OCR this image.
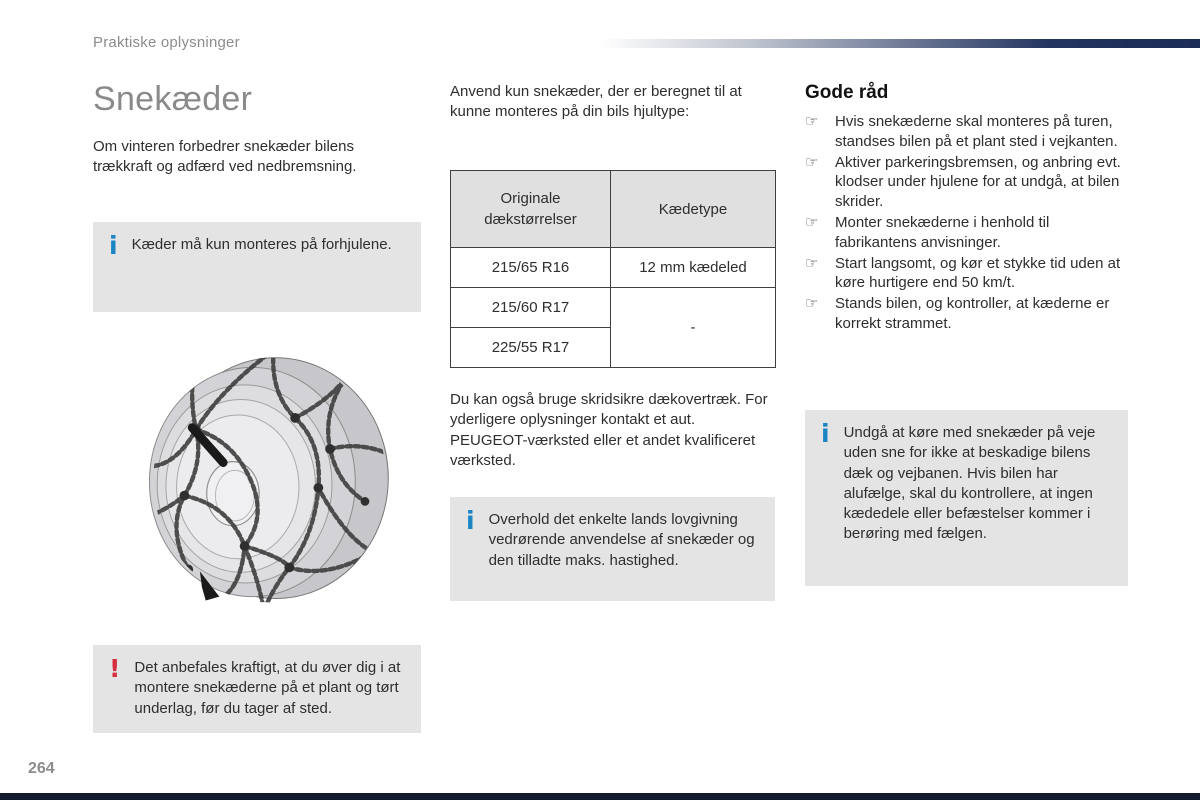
Praktiske oplysninger
Snekæder

Om vinteren forbedrer snekæder bilens trækkraft og adfærd ved nedbremsning.

i Kæder må kun monteres på forhjulene.
! Det anbefales kraftigt, at du øver dig i at montere snekæderne på et plant og tørt underlag, før du tager af sted.

Anvend kun snekæder, der er beregnet til at kunne monteres på din bils hjultype:

Originale dækstørrelser	Kædetype
215/65 R16	12 mm kædeled
215/60 R17	-
225/55 R17	

Du kan også bruge skridsikre dækovertræk. For yderligere oplysninger kontakt et aut. PEUGEOT-værksted eller et andet kvalificeret værksted.

i Overhold det enkelte lands lovgivning vedrørende anvendelse af snekæder og den tilladte maks. hastighed.
Gode råd
☞ Hvis snekæderne skal monteres på turen, standses bilen på et plant sted i vejkanten.
☞ Aktiver parkeringsbremsen, og anbring evt. klodser under hjulene for at undgå, at bilen skrider.
☞ Monter snekæderne i henhold til fabrikantens anvisninger.
☞ Start langsomt, og kør et stykke tid uden at køre hurtigere end 50 km/t.
☞ Stands bilen, og kontroller, at kæderne er korrekt strammet.
i Undgå at køre med snekæder på veje uden sne for ikke at beskadige bilens dæk og vejbanen. Hvis bilen har alufælge, skal du kontrollere, at ingen kædedele eller befæstelser kommer i berøring med fælgen.
264
